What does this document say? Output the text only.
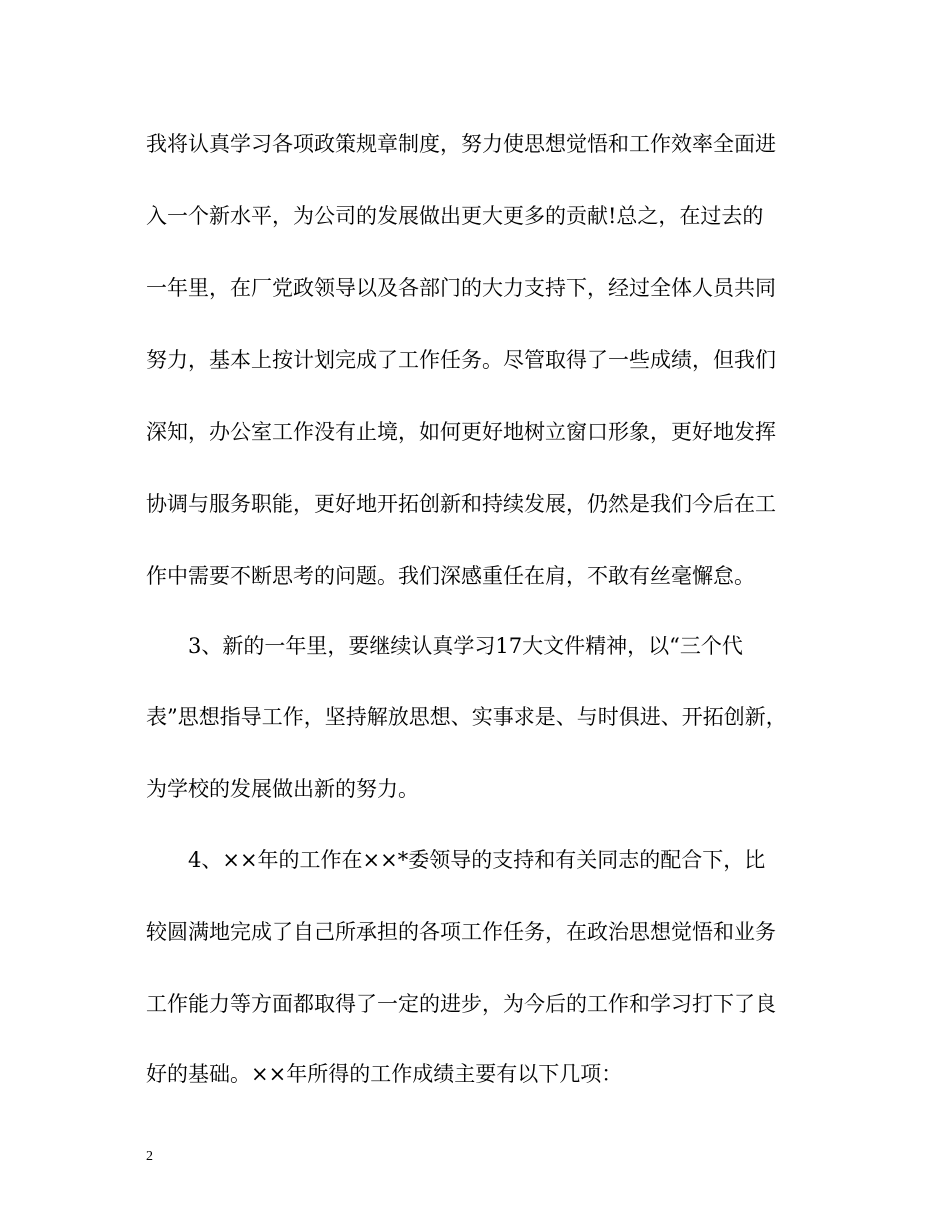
我将认真学习各项政策规章制度，努力使思想觉悟和工作效率全面进
入一个新水平，为公司的发展做出更大更多的贡献!总之，在过去的
一年里，在厂党政领导以及各部门的大力支持下，经过全体人员共同
努力，基本上按计划完成了工作任务。尽管取得了一些成绩，但我们
深知，办公室工作没有止境，如何更好地树立窗口形象，更好地发挥
协调与服务职能，更好地开拓创新和持续发展，仍然是我们今后在工
作中需要不断思考的问题。我们深感重任在肩，不敢有丝毫懈怠。
3、新的一年里，要继续认真学习17大文件精神，以“三个代
表”思想指导工作，坚持解放思想、实事求是、与时俱进、开拓创新，
为学校的发展做出新的努力。
4、××年的工作在××*委领导的支持和有关同志的配合下，比
较圆满地完成了自己所承担的各项工作任务，在政治思想觉悟和业务
工作能力等方面都取得了一定的进步，为今后的工作和学习打下了良
好的基础。××年所得的工作成绩主要有以下几项：
2
